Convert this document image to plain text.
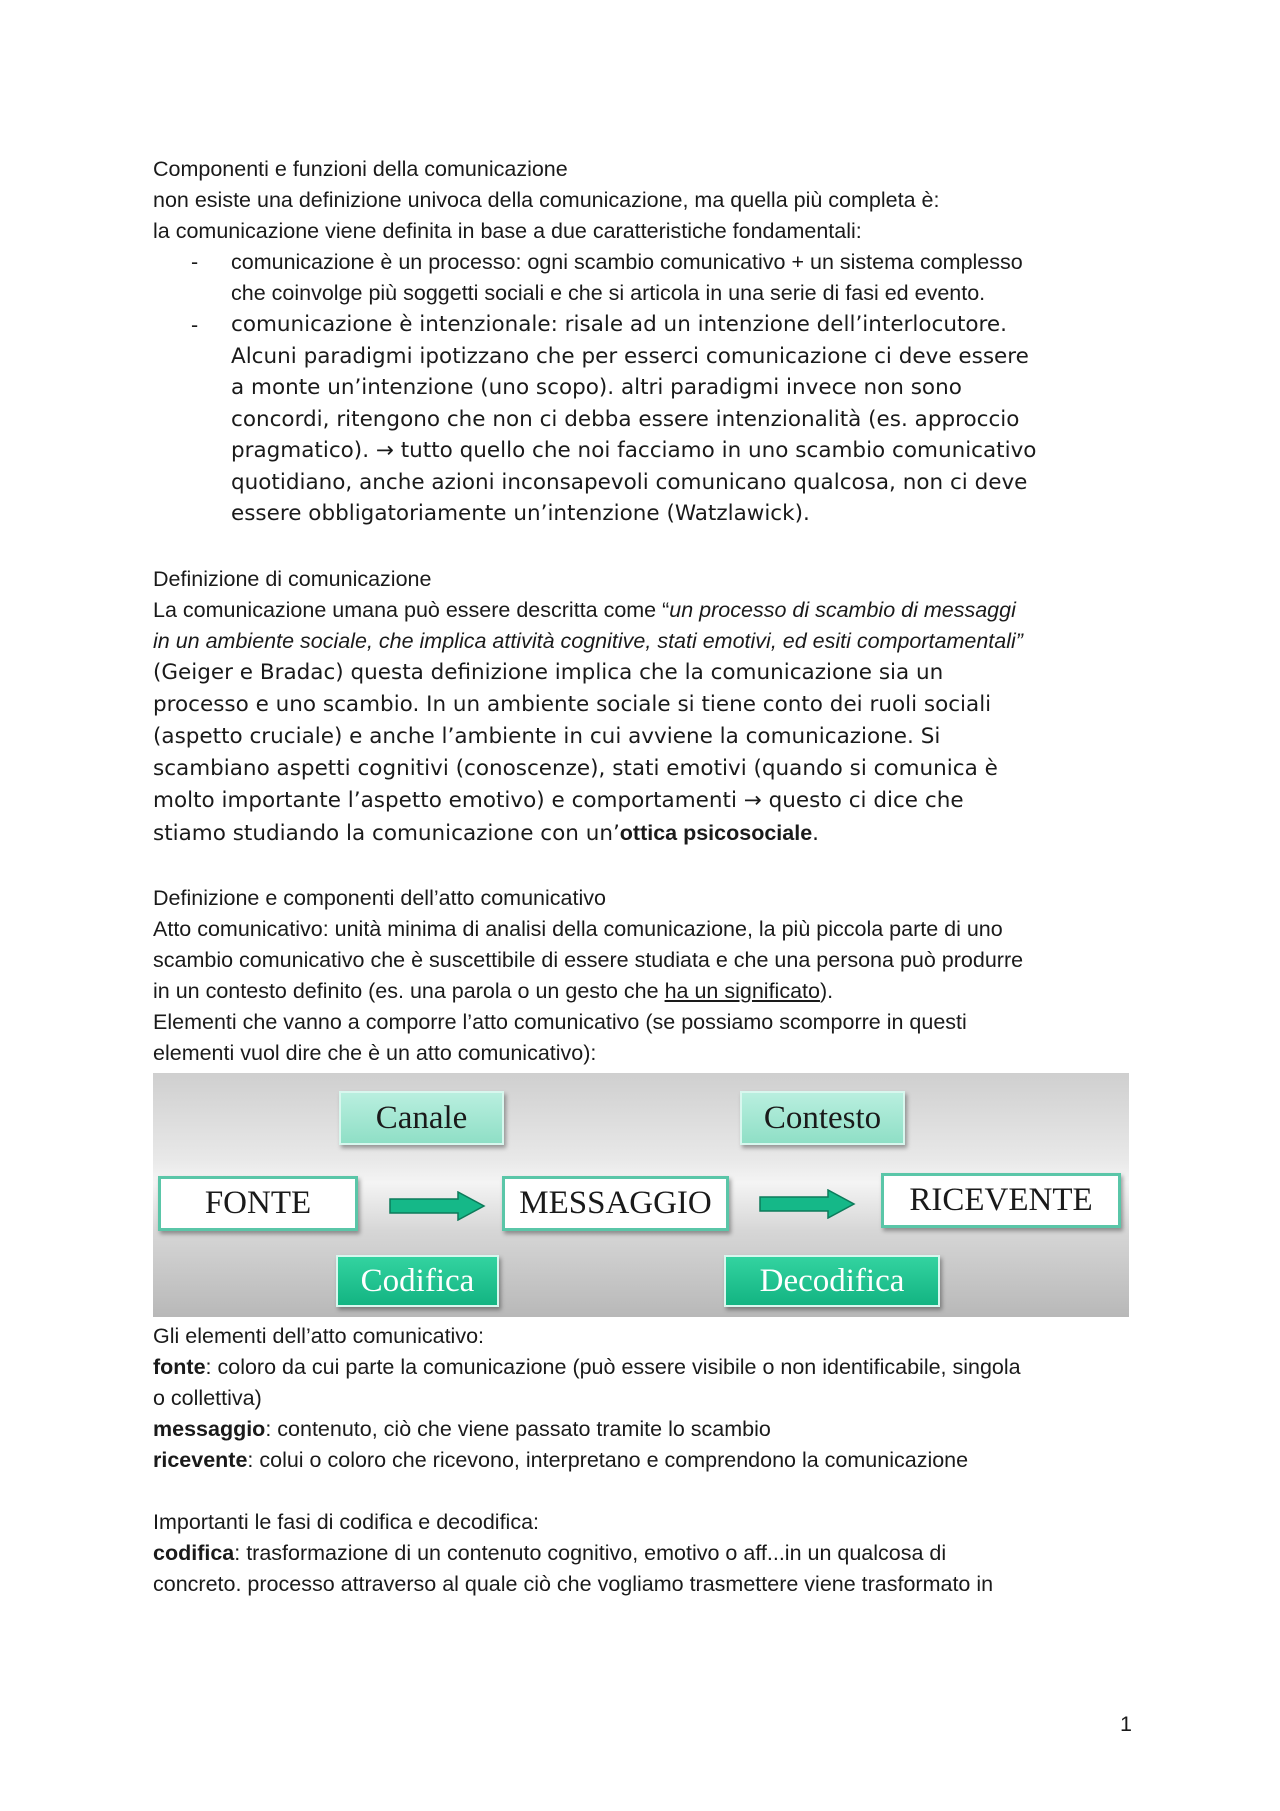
Componenti e funzioni della comunicazione
non esiste una definizione univoca della comunicazione, ma quella più completa è:
la comunicazione viene definita in base a due caratteristiche fondamentali:
- comunicazione è un processo: ogni scambio comunicativo + un sistema complesso
che coinvolge più soggetti sociali e che si articola in una serie di fasi ed evento.
- comunicazione è intenzionale: risale ad un intenzione dell’interlocutore.
Alcuni paradigmi ipotizzano che per esserci comunicazione ci deve essere
a monte un’intenzione (uno scopo). altri paradigmi invece non sono
concordi, ritengono che non ci debba essere intenzionalità (es. approccio
pragmatico). → tutto quello che noi facciamo in uno scambio comunicativo
quotidiano, anche azioni inconsapevoli comunicano qualcosa, non ci deve
essere obbligatoriamente un’intenzione (Watzlawick).
Definizione di comunicazione
La comunicazione umana può essere descritta come “un processo di scambio di messaggi
in un ambiente sociale, che implica attività cognitive, stati emotivi, ed esiti comportamentali”
(Geiger e Bradac) questa definizione implica che la comunicazione sia un
processo e uno scambio. In un ambiente sociale si tiene conto dei ruoli sociali
(aspetto cruciale) e anche l’ambiente in cui avviene la comunicazione. Si
scambiano aspetti cognitivi (conoscenze), stati emotivi (quando si comunica è
molto importante l’aspetto emotivo) e comportamenti → questo ci dice che
stiamo studiando la comunicazione con un’ottica psicosociale.
Definizione e componenti dell’atto comunicativo
Atto comunicativo: unità minima di analisi della comunicazione, la più piccola parte di uno
scambio comunicativo che è suscettibile di essere studiata e che una persona può produrre
in un contesto definito (es. una parola o un gesto che ha un significato).
Elementi che vanno a comporre l’atto comunicativo (se possiamo scomporre in questi
elementi vuol dire che è un atto comunicativo):
Gli elementi dell’atto comunicativo:
fonte: coloro da cui parte la comunicazione (può essere visibile o non identificabile, singola
o collettiva)
messaggio: contenuto, ciò che viene passato tramite lo scambio
ricevente: colui o coloro che ricevono, interpretano e comprendono la comunicazione
Importanti le fasi di codifica e decodifica:
codifica: trasformazione di un contenuto cognitivo, emotivo o aff...in un qualcosa di
concreto. processo attraverso al quale ciò che vogliamo trasmettere viene trasformato in
Canale	Contesto
FONTE	MESSAGGIO	RICEVENTE
Codifica	Decodifica
1
